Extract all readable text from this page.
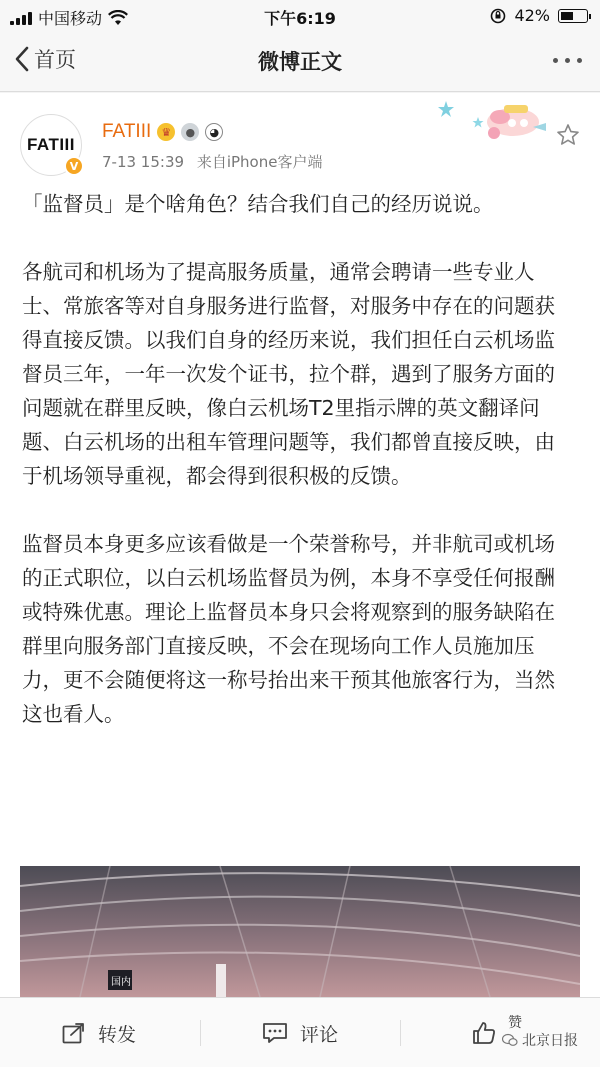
中国移动	下午6:19	42%
首页	微博正文
FATIII
V
FATIII ♛	●	◕
7-13 15:39 来自iPhone客户端

「监督员」是个啥角色？结合我们自己的经历说说。

各航司和机场为了提高服务质量，通常会聘请一些专业人士、常旅客等对自身服务进行监督，对服务中存在的问题获得直接反馈。以我们自身的经历来说，我们担任白云机场监督员三年，一年一次发个证书，拉个群，遇到了服务方面的问题就在群里反映，像白云机场T2里指示牌的英文翻译问题、白云机场的出租车管理问题等，我们都曾直接反映，由于机场领导重视，都会得到很积极的反馈。

监督员本身更多应该看做是一个荣誉称号，并非航司或机场的正式职位，以白云机场监督员为例，本身不享受任何报酬或特殊优惠。理论上监督员本身只会将观察到的服务缺陷在群里向服务部门直接反映，不会在现场向工作人员施加压力，更不会随便将这一称号抬出来干预其他旅客行为，当然这也看人。

国内
转发	评论
赞
北京日报
